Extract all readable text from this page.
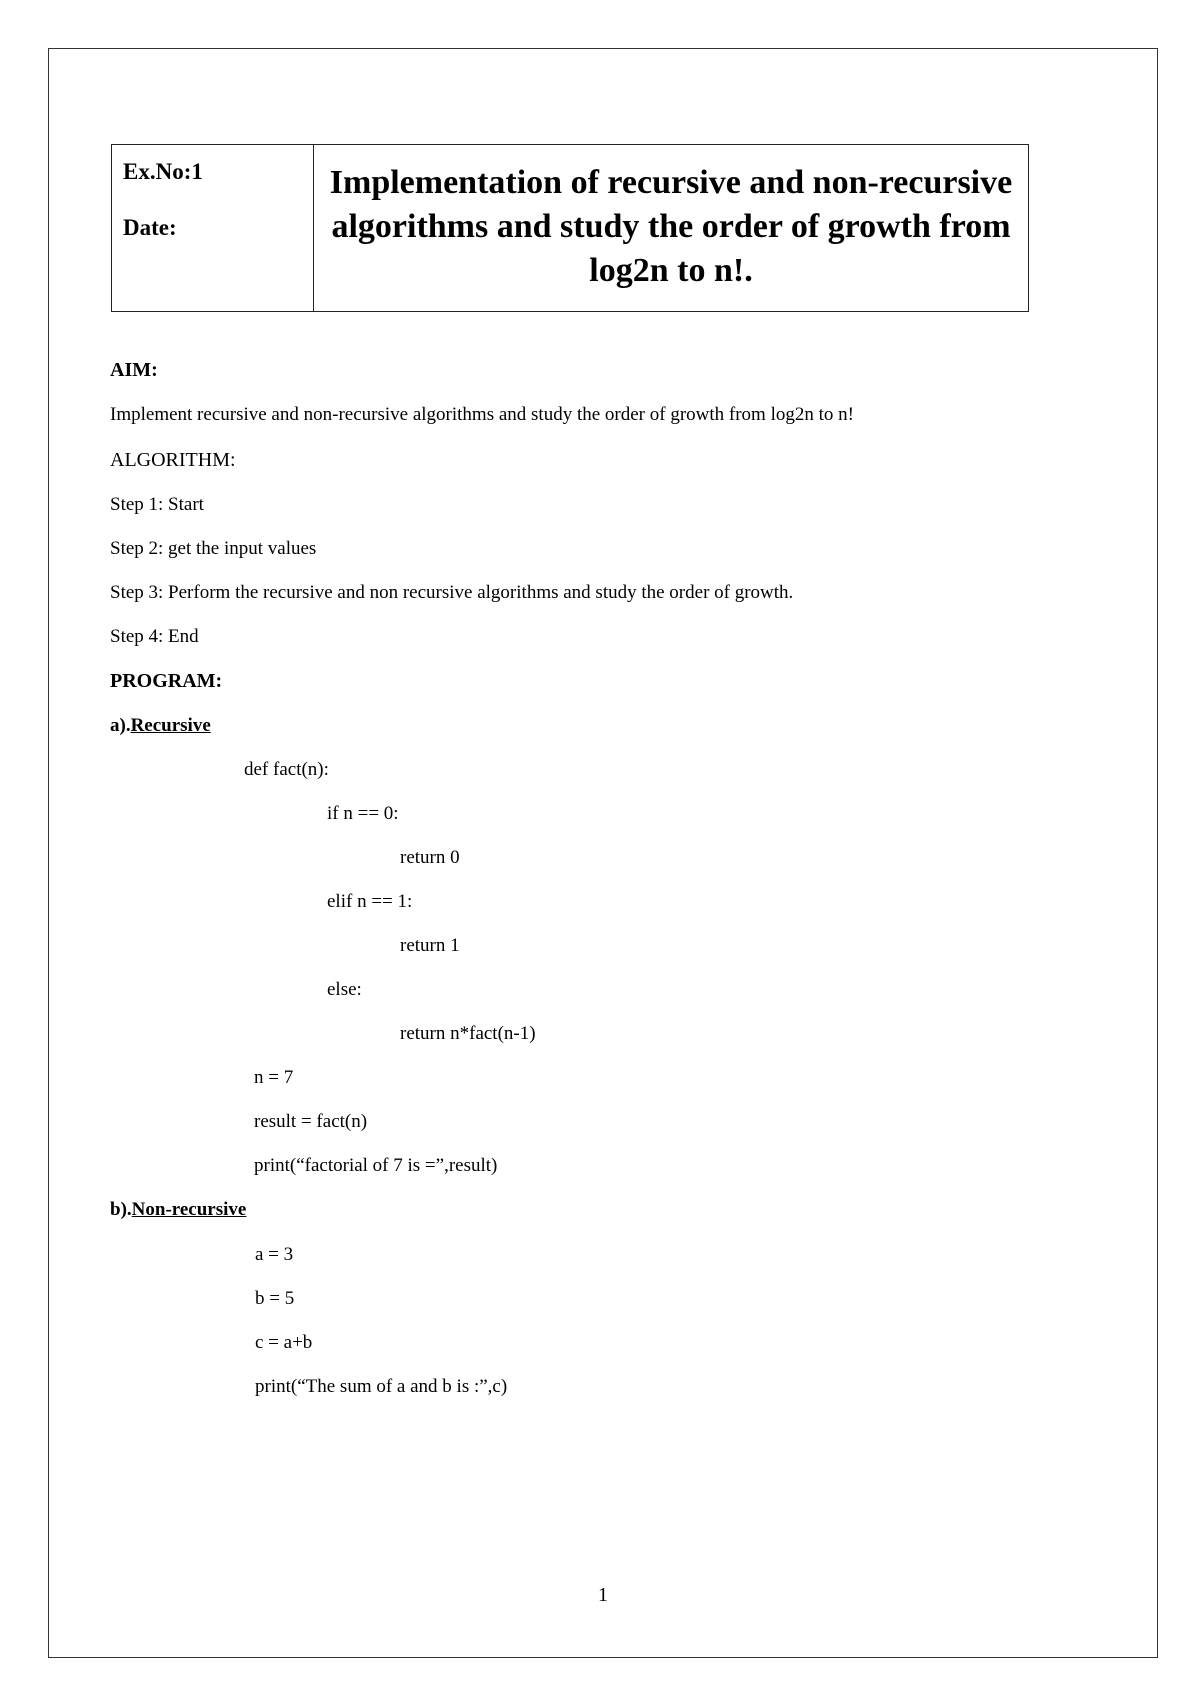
Ex.No:1
Date:
Implementation of recursive and non-recursive algorithms and study the order of growth from log2n to n!.
AIM:
Implement recursive and non-recursive algorithms and study the order of growth from log2n to n!
ALGORITHM:
Step 1: Start
Step 2: get the input values
Step 3: Perform the recursive and non recursive algorithms and study the order of growth.
Step 4: End
PROGRAM:
a).Recursive
def fact(n):
if n == 0:
return 0
elif n == 1:
return 1
else:
return n*fact(n-1)
n = 7
result = fact(n)
print(“factorial of 7 is =”,result)
b).Non-recursive
a = 3
b = 5
c = a+b
print(“The sum of a and b is :”,c)
1
